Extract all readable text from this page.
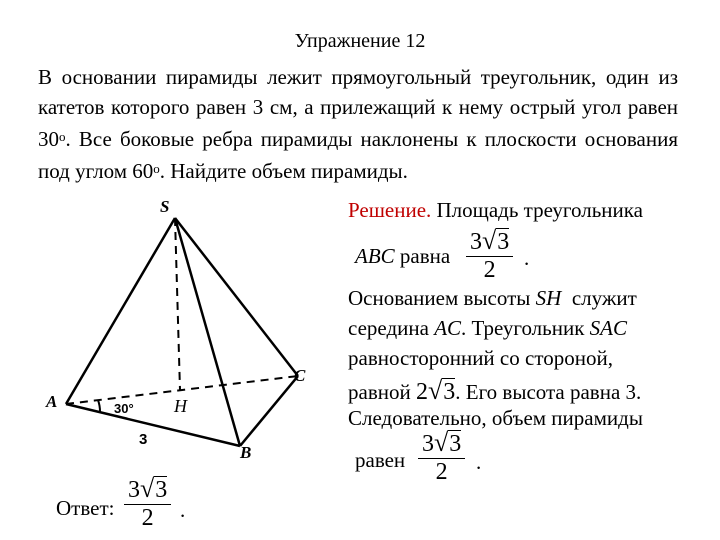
Упражнение 12
В основании пирамиды лежит прямоугольный треугольник, один из катетов которого равен 3 см, а прилежащий к нему острый угол равен 30$^o$. Все боковые ребра пирамиды наклонены к плоскости основания под углом 60$^o$. Найдите объем пирамиды.
S
A
B
C
H
30°
3
Решение. Площадь треугольника
ABC равна $\frac{3√3}{2}$ .
Основанием высоты SH служит
середина AC. Треугольник SAC
равносторонний со стороной,
равной 2√3. Его высота равна 3.
Следовательно, объем пирамиды
равен $\frac{3√3}{2}$ .
Ответ: $\frac{3√3}{2}$ .
